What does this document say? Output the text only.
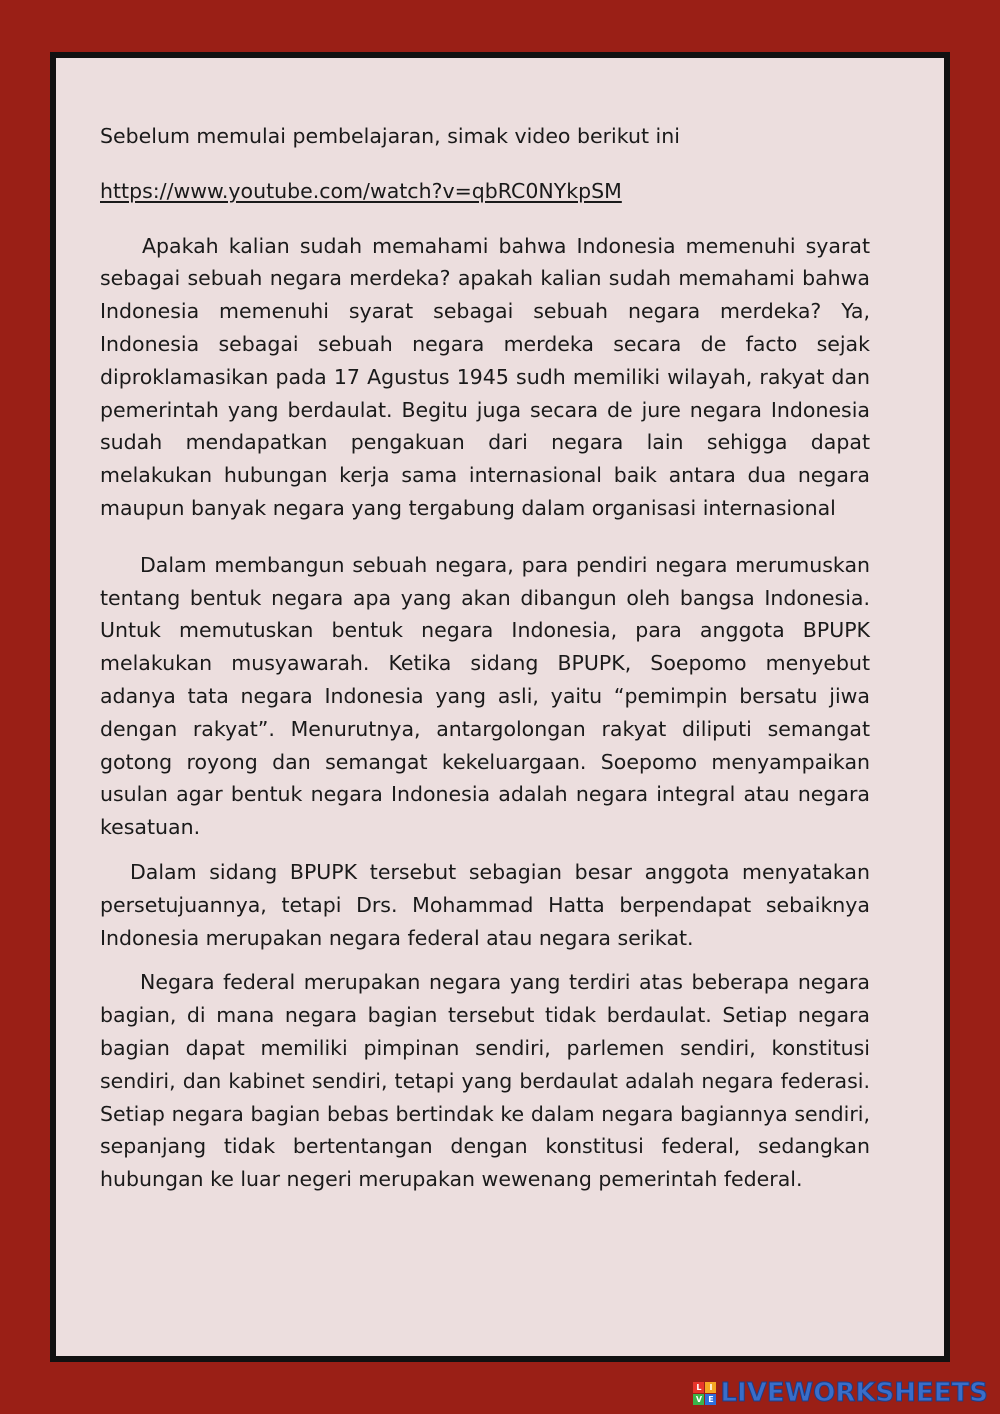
Sebelum memulai pembelajaran, simak video berikut ini

https://www.youtube.com/watch?v=qbRC0NYkpSM

Apakah kalian sudah memahami bahwa Indonesia memenuhi syarat sebagai sebuah negara merdeka? apakah kalian sudah memahami bahwa Indonesia memenuhi syarat sebagai sebuah negara merdeka? Ya, Indonesia sebagai sebuah negara merdeka secara de facto sejak diproklamasikan pada 17 Agustus 1945 sudh memiliki wilayah, rakyat dan pemerintah yang berdaulat. Begitu juga secara de jure negara Indonesia sudah mendapatkan pengakuan dari negara lain sehigga dapat melakukan hubungan kerja sama internasional baik antara dua negara maupun banyak negara yang tergabung dalam organisasi internasional

Dalam membangun sebuah negara, para pendiri negara merumuskan tentang bentuk negara apa yang akan dibangun oleh bangsa Indonesia. Untuk memutuskan bentuk negara Indonesia, para anggota BPUPK melakukan musyawarah. Ketika sidang BPUPK, Soepomo menyebut adanya tata negara Indonesia yang asli, yaitu “pemimpin bersatu jiwa dengan rakyat”. Menurutnya, antargolongan rakyat diliputi semangat gotong royong dan semangat kekeluargaan. Soepomo menyampaikan usulan agar bentuk negara Indonesia adalah negara integral atau negara kesatuan.

Dalam sidang BPUPK tersebut sebagian besar anggota menyatakan persetujuannya, tetapi Drs. Mohammad Hatta berpendapat sebaiknya Indonesia merupakan negara federal atau negara serikat.

Negara federal merupakan negara yang terdiri atas beberapa negara bagian, di mana negara bagian tersebut tidak berdaulat. Setiap negara bagian dapat memiliki pimpinan sendiri, parlemen sendiri, konstitusi sendiri, dan kabinet sendiri, tetapi yang berdaulat adalah negara federasi. Setiap negara bagian bebas bertindak ke dalam negara bagiannya sendiri, sepanjang tidak bertentangan dengan konstitusi federal, sedangkan hubungan ke luar negeri merupakan wewenang pemerintah federal.

L I
V E LIVEWORKSHEETS
